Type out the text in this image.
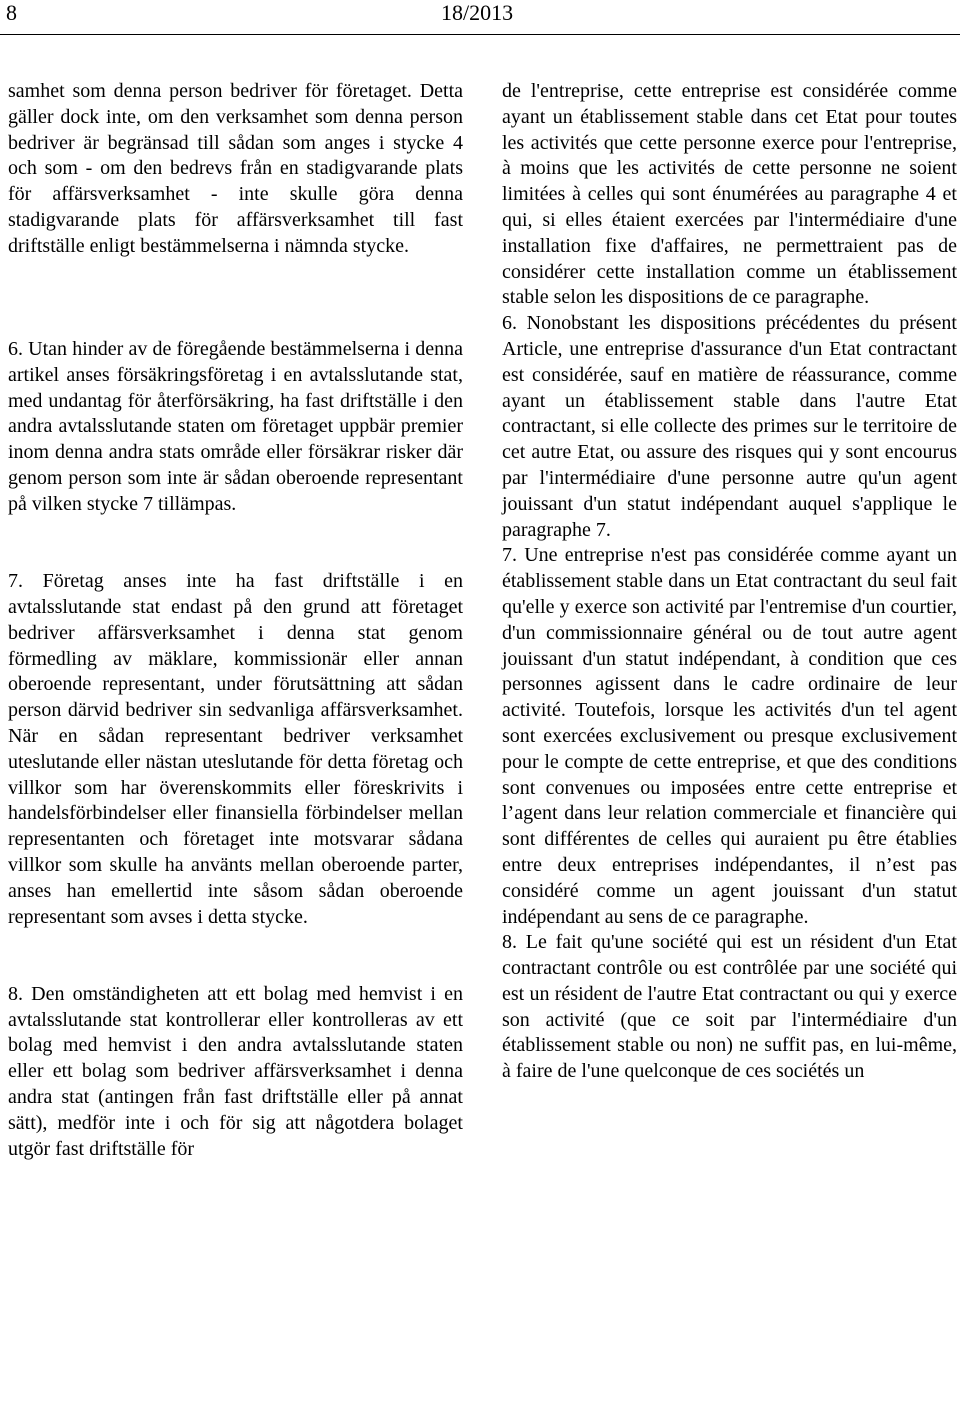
8	18/2013

samhet som denna person bedriver för företaget. Detta gäller dock inte, om den verksamhet som denna person bedriver är begränsad till sådan som anges i stycke 4 och som - om den bedrevs från en stadigvarande plats för affärsverksamhet - inte skulle göra denna stadigvarande plats för affärsverksamhet till fast driftställe enligt bestämmelserna i nämnda stycke.

6. Utan hinder av de föregående bestämmelserna i denna artikel anses försäkringsföretag i en avtalsslutande stat, med undantag för återförsäkring, ha fast driftställe i den andra avtalsslutande staten om företaget uppbär premier inom denna andra stats område eller försäkrar risker där genom person som inte är sådan oberoende representant på vilken stycke 7 tillämpas.

7. Företag anses inte ha fast driftställe i en avtalsslutande stat endast på den grund att företaget bedriver affärsverksamhet i denna stat genom förmedling av mäklare, kommissionär eller annan oberoende representant, under förutsättning att sådan person därvid bedriver sin sedvanliga affärsverksamhet. När en sådan representant bedriver verksamhet uteslutande eller nästan uteslutande för detta företag och villkor som har överenskommits eller föreskrivits i handelsförbindelser eller finansiella förbindelser mellan representanten och företaget inte motsvarar sådana villkor som skulle ha använts mellan oberoende parter, anses han emellertid inte såsom sådan oberoende representant som avses i detta stycke.

8. Den omständigheten att ett bolag med hemvist i en avtalsslutande stat kontrollerar eller kontrolleras av ett bolag med hemvist i den andra avtalsslutande staten eller ett bolag som bedriver affärsverksamhet i denna andra stat (antingen från fast driftställe eller på annat sätt), medför inte i och för sig att någotdera bolaget utgör fast driftställe för

de l'entreprise, cette entreprise est considérée comme ayant un établissement stable dans cet Etat pour toutes les activités que cette personne exerce pour l'entreprise, à moins que les activités de cette personne ne soient limitées à celles qui sont énumérées au paragraphe 4 et qui, si elles étaient exercées par l'intermédiaire d'une installation fixe d'affaires, ne permettraient pas de considérer cette installation comme un établissement stable selon les dispositions de ce paragraphe.

6. Nonobstant les dispositions précédentes du présent Article, une entreprise d'assurance d'un Etat contractant est considérée, sauf en matière de réassurance, comme ayant un établissement stable dans l'autre Etat contractant, si elle collecte des primes sur le territoire de cet autre Etat, ou assure des risques qui y sont encourus par l'intermédiaire d'une personne autre qu'un agent jouissant d'un statut indépendant auquel s'applique le paragraphe 7.

7. Une entreprise n'est pas considérée comme ayant un établissement stable dans un Etat contractant du seul fait qu'elle y exerce son activité par l'entremise d'un courtier, d'un commissionnaire général ou de tout autre agent jouissant d'un statut indépendant, à condition que ces personnes agissent dans le cadre ordinaire de leur activité. Toutefois, lorsque les activités d'un tel agent sont exercées exclusivement ou presque exclusivement pour le compte de cette entreprise, et que des conditions sont convenues ou imposées entre cette entreprise et l’agent dans leur relation commerciale et financière qui sont différentes de celles qui auraient pu être établies entre deux entreprises indépendantes, il n’est pas considéré comme un agent jouissant d'un statut indépendant au sens de ce paragraphe.

8. Le fait qu'une société qui est un résident d'un Etat contractant contrôle ou est contrôlée par une société qui est un résident de l'autre Etat contractant ou qui y exerce son activité (que ce soit par l'intermédiaire d'un établissement stable ou non) ne suffit pas, en lui-même, à faire de l'une quelconque de ces sociétés un
